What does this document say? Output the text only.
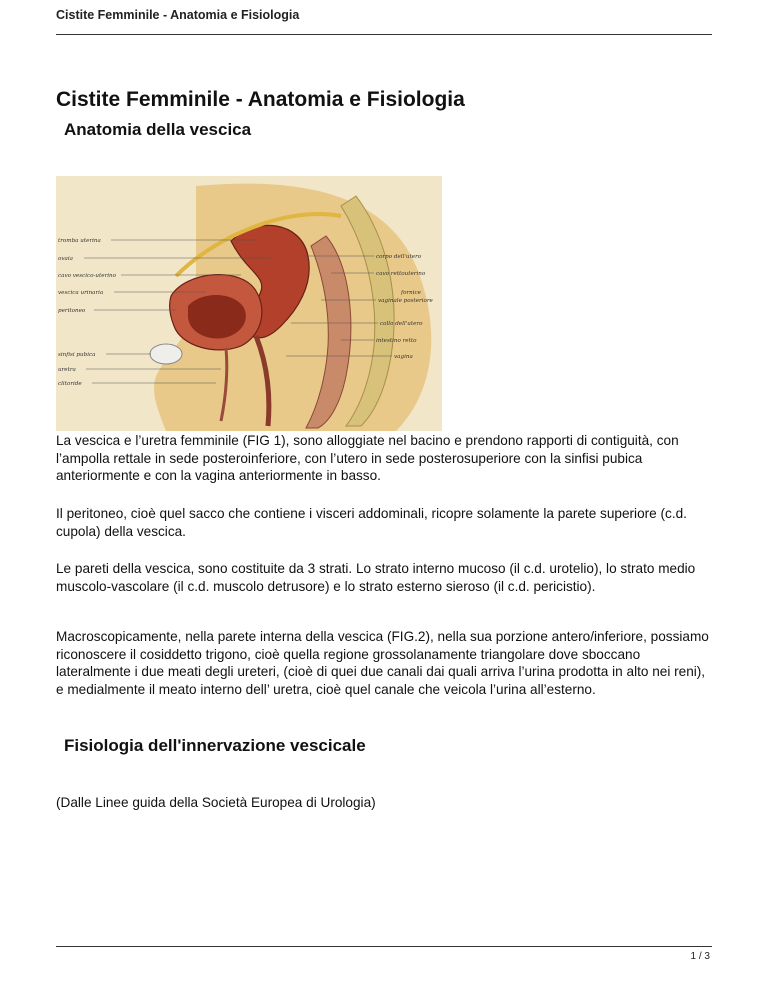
Cistite Femminile - Anatomia e Fisiologia
Cistite Femminile - Anatomia e Fisiologia
Anatomia della vescica
tromba uterina
ovaia
cavo vescico-uterino
vescica urinaria
peritoneo
sinfisi pubica
uretra
clitoride
corpo dell'utero
cavo rettouterino
fornice
vaginale posteriore
collo dell'utero
intestino retto
vagina

La vescica e l’uretra femminile (FIG 1), sono alloggiate nel bacino e prendono rapporti di contiguità, con l’ampolla rettale in sede posteroinferiore, con l’utero in sede posterosuperiore con la sinfisi pubica anteriormente e con la vagina anteriormente in basso.

Il peritoneo, cioè quel sacco che contiene i visceri addominali, ricopre solamente la parete superiore (c.d. cupola) della vescica.

Le pareti della vescica, sono costituite da 3 strati. Lo strato interno mucoso (il c.d. urotelio), lo strato medio muscolo-vascolare (il c.d. muscolo detrusore) e lo strato esterno sieroso (il c.d. pericistio).

Macroscopicamente, nella parete interna della vescica (FIG.2), nella sua porzione antero/inferiore, possiamo riconoscere il cosiddetto trigono, cioè quella regione grossolanamente triangolare dove sboccano lateralmente i due meati degli ureteri, (cioè di quei due canali dai quali arriva l’urina prodotta in alto nei reni), e medialmente il meato interno dell’ uretra, cioè quel canale che veicola l’urina all’esterno.

Fisiologia dell'innervazione vescicale

(Dalle Linee guida della Società Europea di Urologia)

1 / 3
